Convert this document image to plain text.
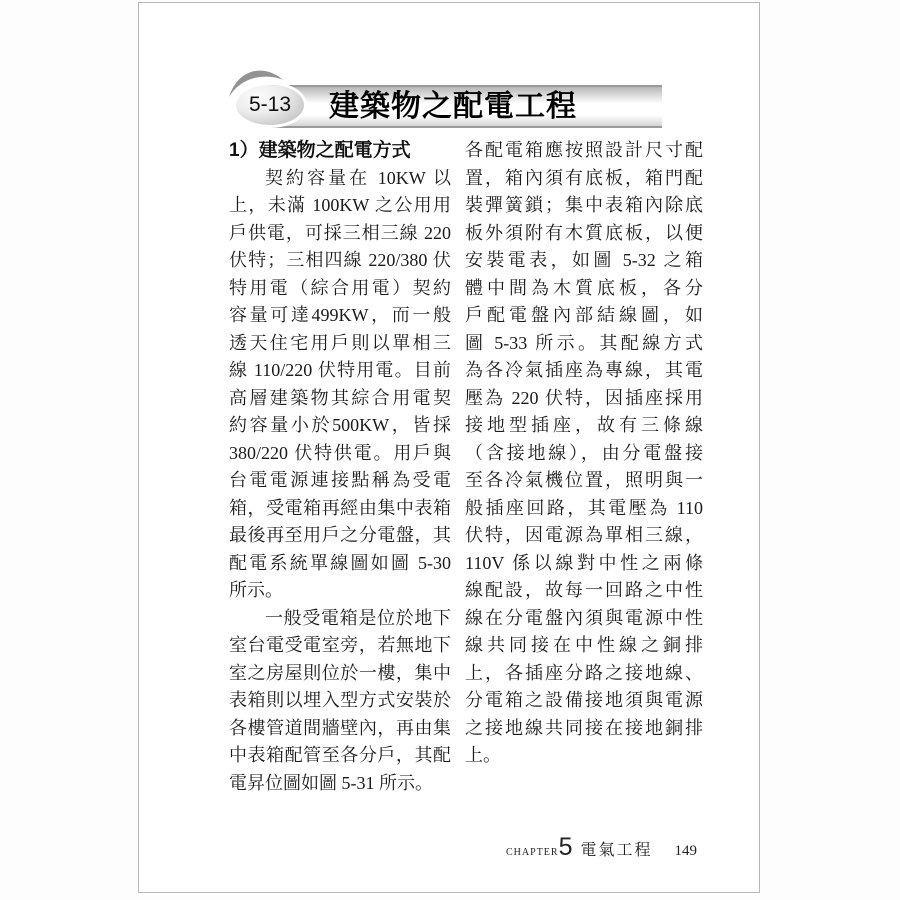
5-13 建築物之配電工程
1）建築物之配電方式
契約容量在 10KW 以
上，未滿 100KW 之公用用
戶供電，可採三相三線 220
伏特；三相四線 220/380 伏
特用電（綜合用電）契約
容量可達499KW，而一般
透天住宅用戶則以單相三
線 110/220 伏特用電。目前
高層建築物其綜合用電契
約容量小於500KW，皆採
380/220 伏特供電。用戶與
台電電源連接點稱為受電
箱，受電箱再經由集中表箱
最後再至用戶之分電盤，其
配電系統單線圖如圖 5-30
所示。
一般受電箱是位於地下
室台電受電室旁，若無地下
室之房屋則位於一樓，集中
表箱則以埋入型方式安裝於
各樓管道間牆壁內，再由集
中表箱配管至各分戶，其配
電昇位圖如圖 5-31 所示。
各配電箱應按照設計尺寸配
置，箱內須有底板，箱門配
裝彈簧鎖；集中表箱內除底
板外須附有木質底板，以便
安裝電表，如圖 5-32 之箱
體中間為木質底板，各分
戶配電盤內部結線圖，如
圖 5-33 所示。其配線方式
為各冷氣插座為專線，其電
壓為 220 伏特，因插座採用
接地型插座，故有三條線
（含接地線），由分電盤接
至各冷氣機位置，照明與一
般插座回路，其電壓為 110
伏特，因電源為單相三線，
110V 係以線對中性之兩條
線配設，故每一回路之中性
線在分電盤內須與電源中性
線共同接在中性線之銅排
上，各插座分路之接地線、
分電箱之設備接地須與電源
之接地線共同接在接地銅排
上。
CHAPTER 5 電氣工程 149
